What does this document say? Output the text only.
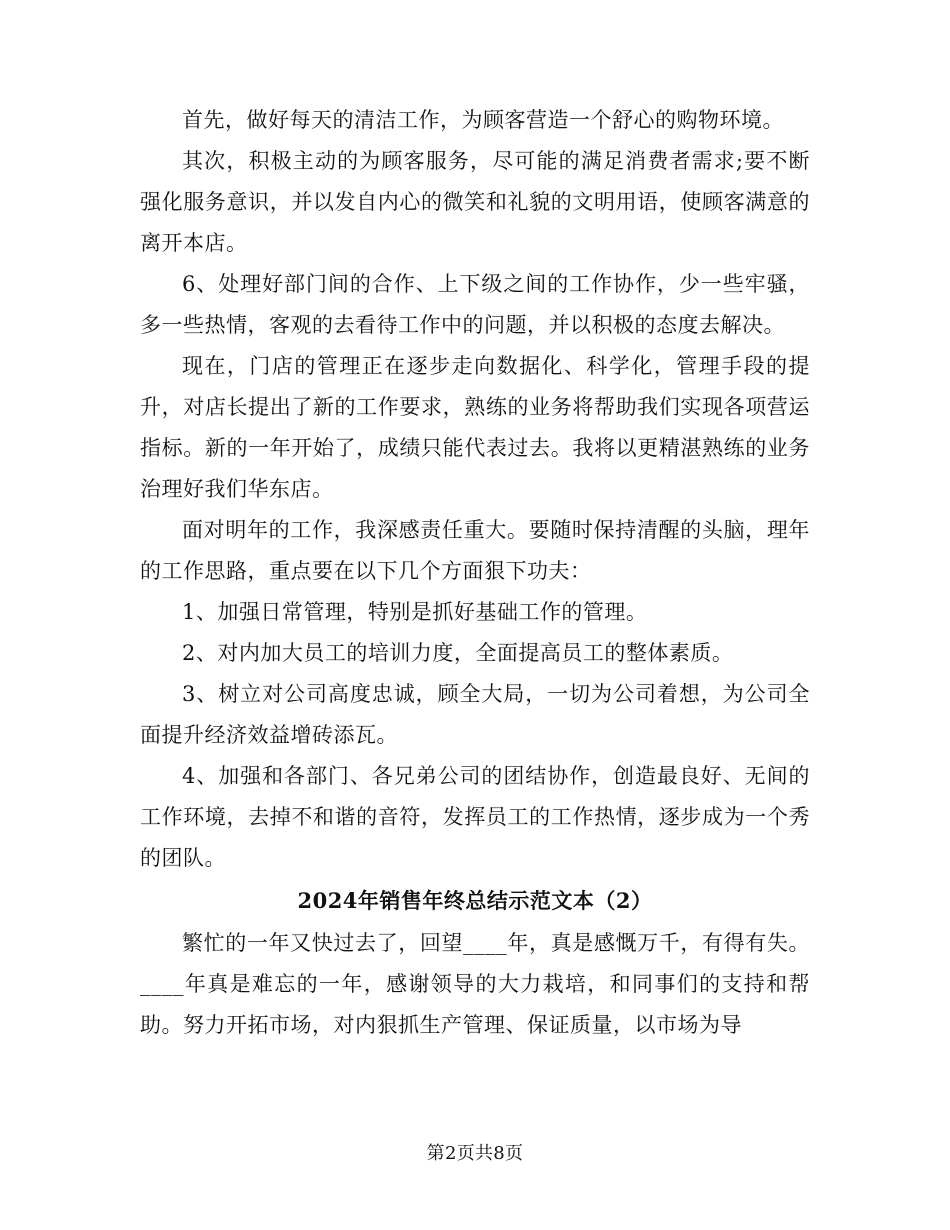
首先，做好每天的清洁工作，为顾客营造一个舒心的购物环境。

其次，积极主动的为顾客服务，尽可能的满足消费者需求;要不断强化服务意识，并以发自内心的微笑和礼貌的文明用语，使顾客满意的离开本店。

6、处理好部门间的合作、上下级之间的工作协作，少一些牢骚，多一些热情，客观的去看待工作中的问题，并以积极的态度去解决。

现在，门店的管理正在逐步走向数据化、科学化，管理手段的提升，对店长提出了新的工作要求，熟练的业务将帮助我们实现各项营运指标。新的一年开始了，成绩只能代表过去。我将以更精湛熟练的业务治理好我们华东店。

面对明年的工作，我深感责任重大。要随时保持清醒的头脑，理年的工作思路，重点要在以下几个方面狠下功夫：

1、加强日常管理，特别是抓好基础工作的管理。

2、对内加大员工的培训力度，全面提高员工的整体素质。

3、树立对公司高度忠诚，顾全大局，一切为公司着想，为公司全面提升经济效益增砖添瓦。

4、加强和各部门、各兄弟公司的团结协作，创造最良好、无间的工作环境，去掉不和谐的音符，发挥员工的工作热情，逐步成为一个秀的团队。

2024年销售年终总结示范文本（2）

繁忙的一年又快过去了，回望____年，真是感慨万千，有得有失。____年真是难忘的一年，感谢领导的大力栽培，和同事们的支持和帮助。努力开拓市场，对内狠抓生产管理、保证质量，以市场为导

第2页共8页
